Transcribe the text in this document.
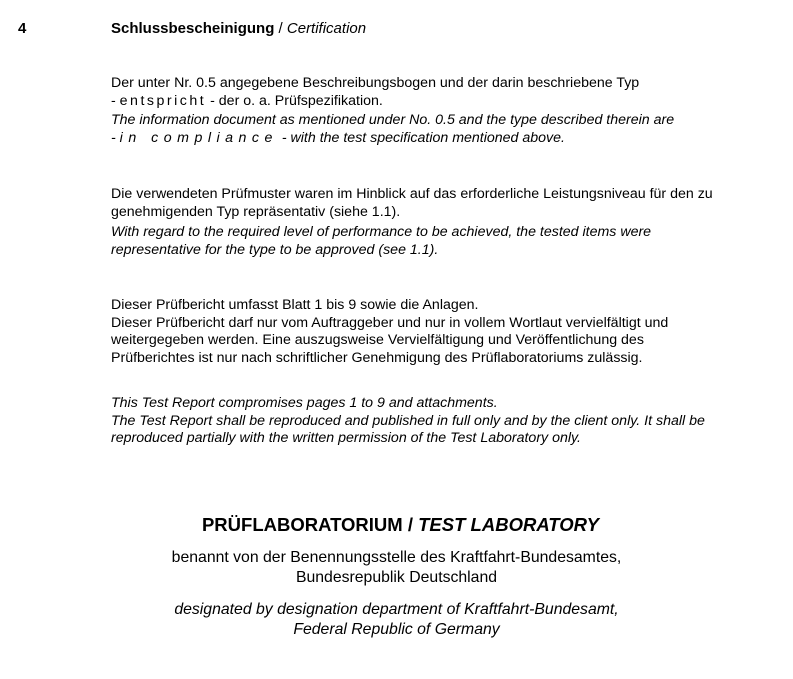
4	Schlussbescheinigung / Certification

Der unter Nr. 0.5 angegebene Beschreibungsbogen und der darin beschriebene Typ
- entspricht - der o. a. Prüfspezifikation.

The information document as mentioned under No. 0.5 and the type described therein are
- in compliance - with the test specification mentioned above.

Die verwendeten Prüfmuster waren im Hinblick auf das erforderliche Leistungsniveau für den zu
genehmigenden Typ repräsentativ (siehe 1.1).

With regard to the required level of performance to be achieved, the tested items were
representative for the type to be approved (see 1.1).

Dieser Prüfbericht umfasst Blatt 1 bis 9 sowie die Anlagen.
Dieser Prüfbericht darf nur vom Auftraggeber und nur in vollem Wortlaut vervielfältigt und
weitergegeben werden. Eine auszugsweise Vervielfältigung und Veröffentlichung des
Prüfberichtes ist nur nach schriftlicher Genehmigung des Prüflaboratoriums zulässig.

This Test Report compromises pages 1 to 9 and attachments.
The Test Report shall be reproduced and published in full only and by the client only. It shall be
reproduced partially with the written permission of the Test Laboratory only.

PRÜFLABORATORIUM / TEST LABORATORY
benannt von der Benennungsstelle des Kraftfahrt-Bundesamtes,
Bundesrepublik Deutschland
designated by designation department of Kraftfahrt-Bundesamt,
Federal Republic of Germany
